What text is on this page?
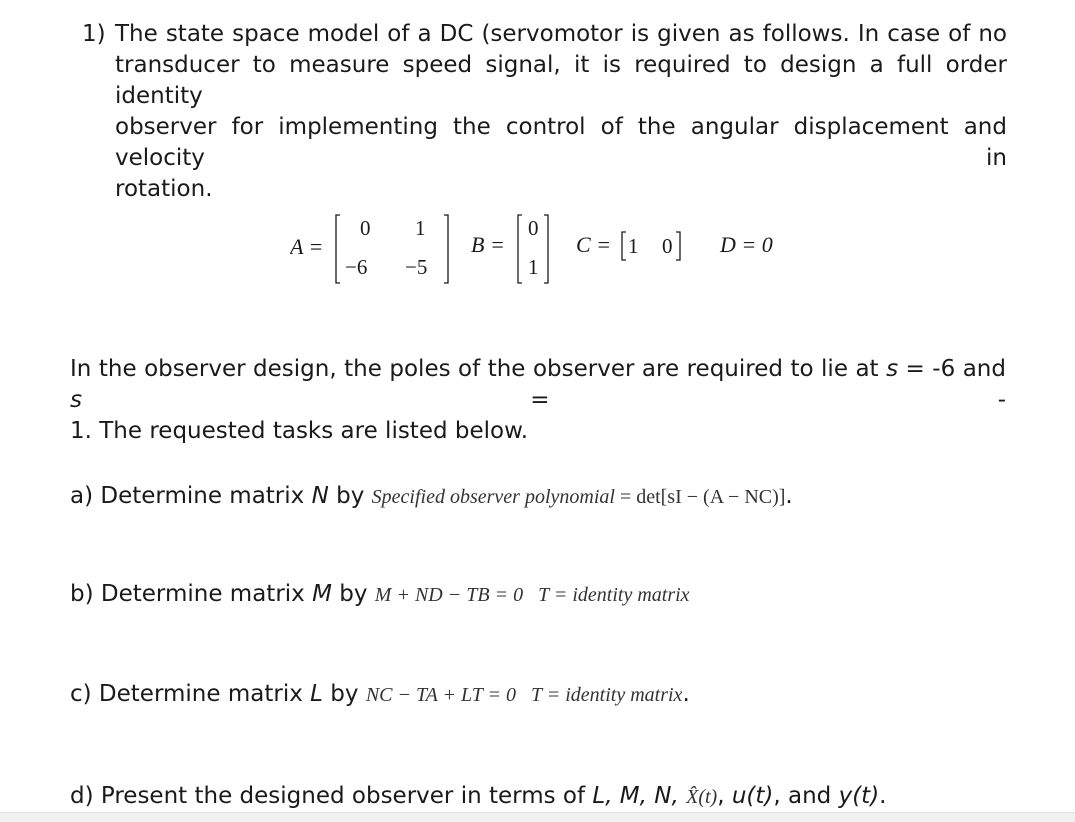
1) The state space model of a DC (servomotor is given as follows. In case of no
transducer to measure speed signal, it is required to design a full order identity
observer for implementing the control of the angular displacement and velocity in
rotation.
A =
0 1
−6 −5
B =
0
1
C = 1 0 D = 0
In the observer design, the poles of the observer are required to lie at s = -6 and s = -
1. The requested tasks are listed below.
a) Determine matrix N by Specified observer polynomial = det[sI − (A − NC)].
b) Determine matrix M by M + ND − TB = 0 T = identity matrix
c) Determine matrix L by NC − TA + LT = 0 T = identity matrix.
d) Present the designed observer in terms of L, M, N, X̂(t), u(t), and y(t).
